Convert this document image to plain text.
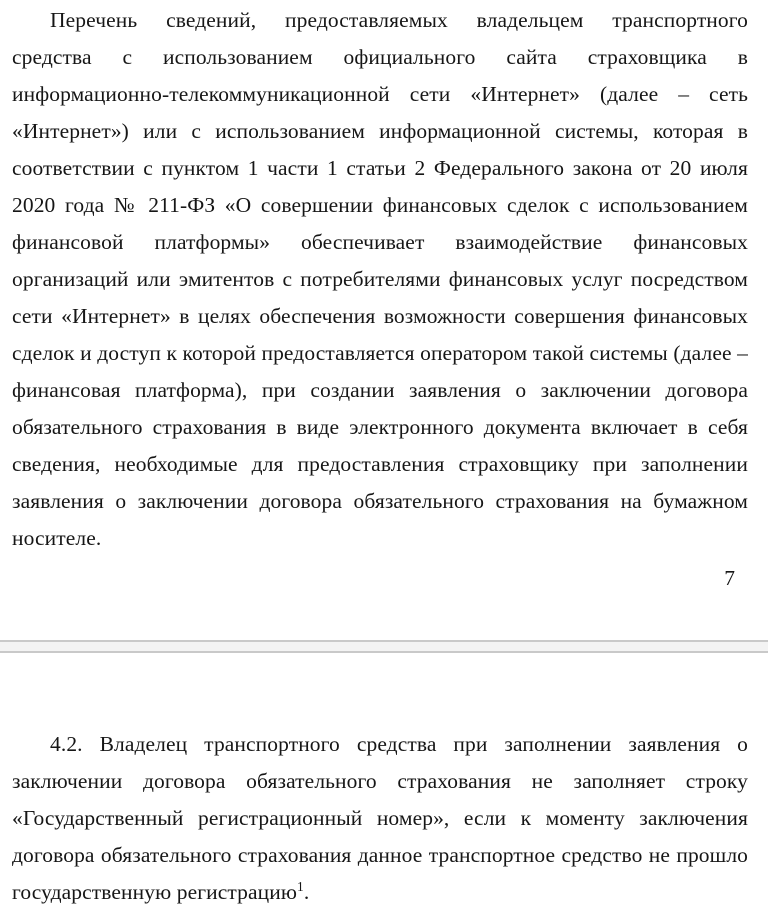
Перечень сведений, предоставляемых владельцем транспортного
средства с использованием официального сайта страховщика в
информационно-телекоммуникационной сети «Интернет» (далее – сеть
«Интернет») или с использованием информационной системы, которая в
соответствии с пунктом 1 части 1 статьи 2 Федерального закона от 20 июля
2020 года № 211-ФЗ «О совершении финансовых сделок с использованием
финансовой платформы» обеспечивает взаимодействие финансовых
организаций или эмитентов с потребителями финансовых услуг посредством
сети «Интернет» в целях обеспечения возможности совершения финансовых
сделок и доступ к которой предоставляется оператором такой системы (далее –
финансовая платформа), при создании заявления о заключении договора
обязательного страхования в виде электронного документа включает в себя
сведения, необходимые для предоставления страховщику при заполнении
заявления о заключении договора обязательного страхования на бумажном
носителе.
7
4.2. Владелец транспортного средства при заполнении заявления о
заключении договора обязательного страхования не заполняет строку
«Государственный регистрационный номер», если к моменту заключения
договора обязательного страхования данное транспортное средство не прошло
государственную регистрацию$^1$.
